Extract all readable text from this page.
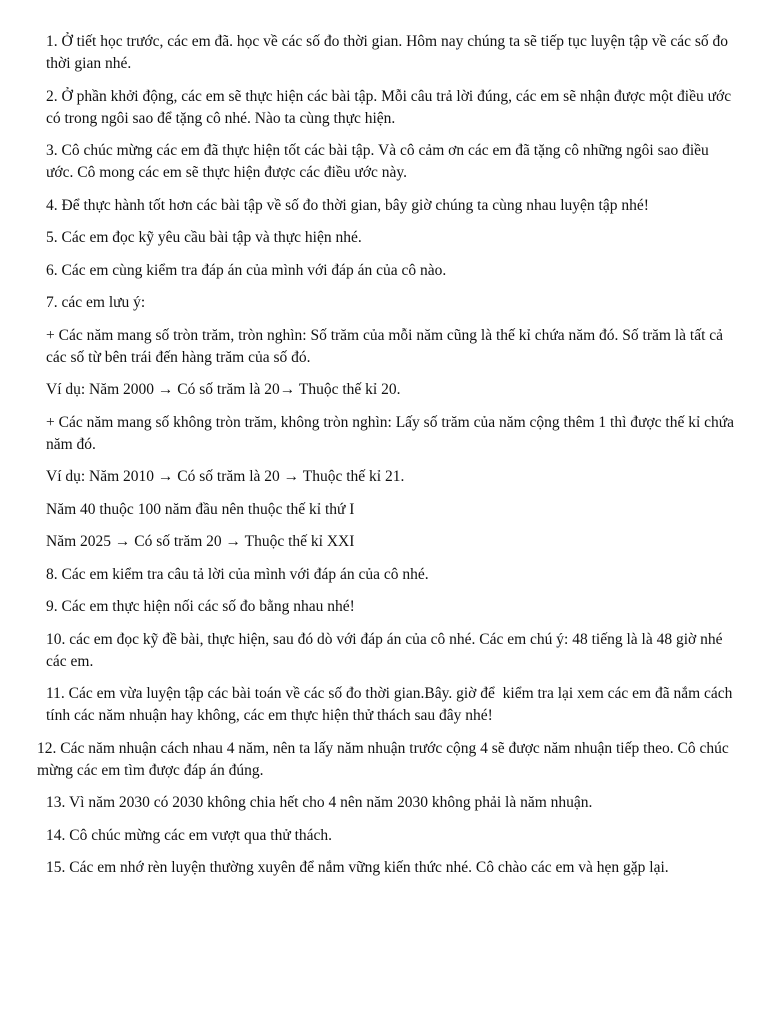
1. Ở tiết học trước, các em đã. học về các số đo thời gian. Hôm nay chúng ta sẽ tiếp tục luyện tập về các số đo thời gian nhé.

2. Ở phần khởi động, các em sẽ thực hiện các bài tập. Mỗi câu trả lời đúng, các em sẽ nhận được một điều ước có trong ngôi sao để tặng cô nhé. Nào ta cùng thực hiện.

3. Cô chúc mừng các em đã thực hiện tốt các bài tập. Và cô cảm ơn các em đã tặng cô những ngôi sao điều ước. Cô mong các em sẽ thực hiện được các điều ước này.

4. Để thực hành tốt hơn các bài tập về số đo thời gian, bây giờ chúng ta cùng nhau luyện tập nhé!

5. Các em đọc kỹ yêu cầu bài tập và thực hiện nhé.

6. Các em cùng kiểm tra đáp án của mình với đáp án của cô nào.

7. các em lưu ý:

+ Các năm mang số tròn trăm, tròn nghìn: Số trăm của mỗi năm cũng là thế kỉ chứa năm đó. Số trăm là tất cả các số từ bên trái đến hàng trăm của số đó.

Ví dụ: Năm 2000 → Có số trăm là 20→ Thuộc thế kỉ 20.

+ Các năm mang số không tròn trăm, không tròn nghìn: Lấy số trăm của năm cộng thêm 1 thì được thế kỉ chứa năm đó.

Ví dụ: Năm 2010 → Có số trăm là 20 → Thuộc thế kỉ 21.

Năm 40 thuộc 100 năm đầu nên thuộc thế kỉ thứ I

Năm 2025 → Có số trăm 20 → Thuộc thế kỉ XXI

8. Các em kiểm tra câu tả lời của mình với đáp án của cô nhé.

9. Các em thực hiện nối các số đo bằng nhau nhé!

10. các em đọc kỹ đề bài, thực hiện, sau đó dò với đáp án của cô nhé. Các em chú ý: 48 tiếng là là 48 giờ nhé các em.

11. Các em vừa luyện tập các bài toán về các số đo thời gian.Bây. giờ để  kiểm tra lại xem các em đã nắm cách tính các năm nhuận hay không, các em thực hiện thử thách sau đây nhé!

12. Các năm nhuận cách nhau 4 năm, nên ta lấy năm nhuận trước cộng 4 sẽ được năm nhuận tiếp theo. Cô chúc mừng các em tìm được đáp án đúng.

13. Vì năm 2030 có 2030 không chia hết cho 4 nên năm 2030 không phải là năm nhuận.

14. Cô chúc mừng các em vượt qua thử thách.

15. Các em nhớ rèn luyện thường xuyên để nắm vững kiến thức nhé. Cô chào các em và hẹn gặp lại.
